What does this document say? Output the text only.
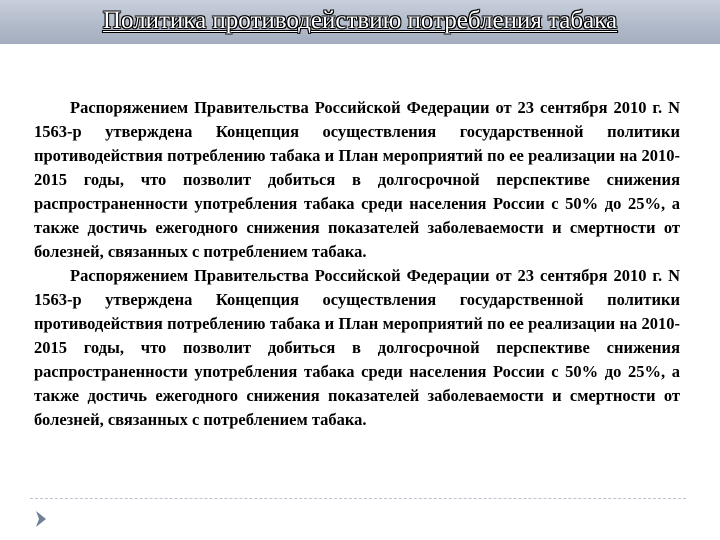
Политика противодействию потребления табака

Распоряжением Правительства Российской Федерации от 23 сентября 2010 г. N 1563-р утверждена Концепция осуществления государственной политики противодействия потреблению табака и План мероприятий по ее реализации на 2010-2015 годы, что позволит добиться в долгосрочной перспективе снижения распространенности употребления табака среди населения России с 50% до 25%, а также достичь ежегодного снижения показателей заболеваемости и смертности от болезней, связанных с потреблением табака.

Распоряжением Правительства Российской Федерации от 23 сентября 2010 г. N 1563-р утверждена Концепция осуществления государственной политики противодействия потреблению табака и План мероприятий по ее реализации на 2010-2015 годы, что позволит добиться в долгосрочной перспективе снижения распространенности употребления табака среди населения России с 50% до 25%, а также достичь ежегодного снижения показателей заболеваемости и смертности от болезней, связанных с потреблением табака.
